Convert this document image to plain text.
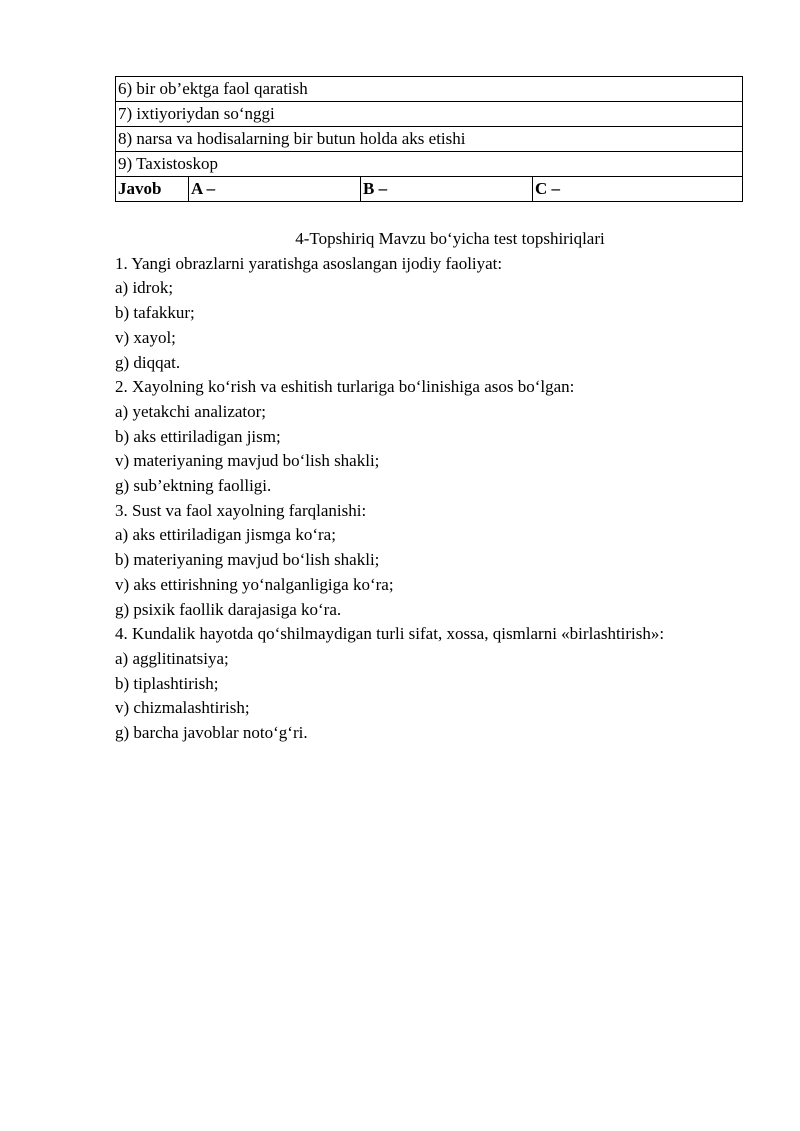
6) bir ob’ektga faol qaratish
7) ixtiyoriydan so‘nggi
8) narsa va hodisalarning bir butun holda aks etishi
9) Taxistoskop
Javob	A –	B –	C –

4-Topshiriq Mavzu bo‘yicha test topshiriqlari

1. Yangi obrazlarni yaratishga asoslangan ijodiy faoliyat:

a) idrok;

b) tafakkur;

v) xayol;

g) diqqat.

2. Xayolning ko‘rish va eshitish turlariga bo‘linishiga asos bo‘lgan:

a) yetakchi analizator;

b) aks ettiriladigan jism;

v) materiyaning mavjud bo‘lish shakli;

g) sub’ektning faolligi.

3. Sust va faol xayolning farqlanishi:

a) aks ettiriladigan jismga ko‘ra;

b) materiyaning mavjud bo‘lish shakli;

v) aks ettirishning yo‘nalganligiga ko‘ra;

g) psixik faollik darajasiga ko‘ra.

4. Kundalik hayotda qo‘shilmaydigan turli sifat, xossa, qismlarni «birlashtirish»:

a) agglitinatsiya;

b) tiplashtirish;

v) chizmalashtirish;

g) barcha javoblar noto‘g‘ri.
